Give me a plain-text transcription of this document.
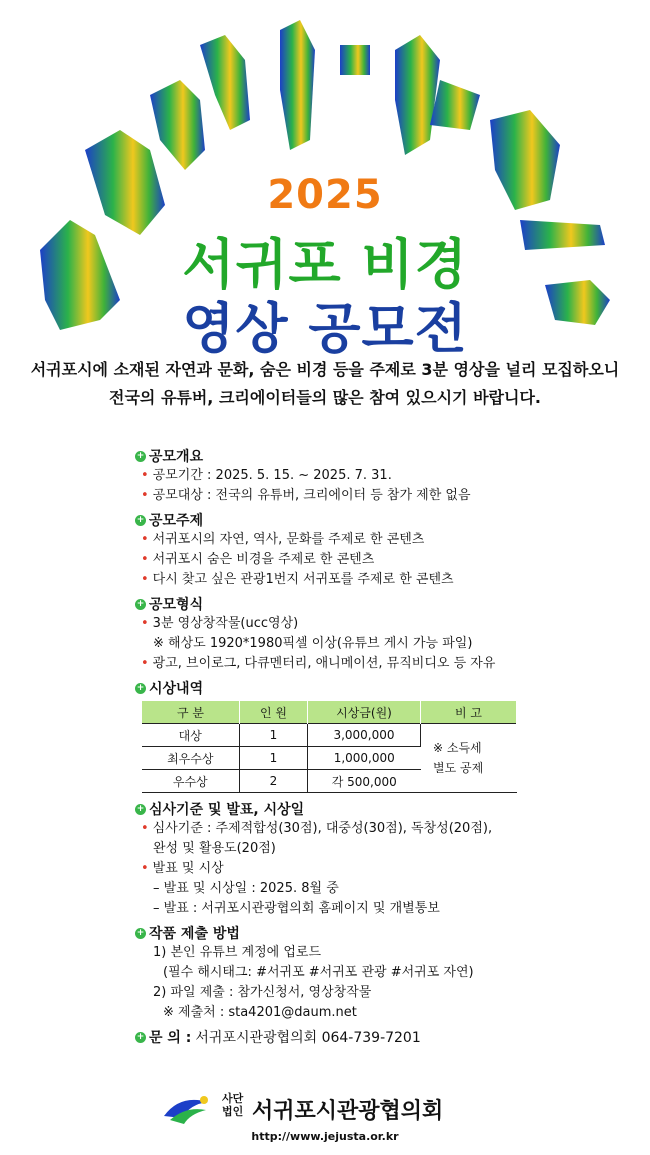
2025
서귀포 비경
영상 공모전
서귀포시에 소재된 자연과 문화, 숨은 비경 등을 주제로 3분 영상을 널리 모집하오니
전국의 유튜버, 크리에이터들의 많은 참여 있으시기 바랍니다.
+ 공모개요
• 공모기간 : 2025. 5. 15. ~ 2025. 7. 31.
• 공모대상 : 전국의 유튜버, 크리에이터 등 참가 제한 없음
+ 공모주제
• 서귀포시의 자연, 역사, 문화를 주제로 한 콘텐츠
• 서귀포시 숨은 비경을 주제로 한 콘텐츠
• 다시 찾고 싶은 관광1번지 서귀포를 주제로 한 콘텐츠
+ 공모형식
• 3분 영상창작물(ucc영상)
※ 해상도 1920*1980픽셀 이상(유튜브 게시 가능 파일)
• 광고, 브이로그, 다큐멘터리, 애니메이션, 뮤직비디오 등 자유
+ 시상내역
구 분	인 원	시상금(원)	비 고
대상	1	3,000,000	※ 소득세
별도 공제

최우수상	1	1,000,000	
우수상	2	각 500,000	
+ 심사기준 및 발표, 시상일
• 심사기준 : 주제적합성(30점), 대중성(30점), 독창성(20점),
완성 및 활용도(20점)
• 발표 및 시상
– 발표 및 시상일 : 2025. 8월 중
– 발표 : 서귀포시관광협의회 홈페이지 및 개별통보
+ 작품 제출 방법
1) 본인 유튜브 계정에 업로드
(필수 해시태그: #서귀포 #서귀포 관광 #서귀포 자연)
2) 파일 제출 : 참가신청서, 영상창작물
※ 제출처 : sta4201@daum.net
+ 문 의 : 서귀포시관광협의회 064-739-7201
사단
법인 서귀포시관광협의회
http://www.jejusta.or.kr
